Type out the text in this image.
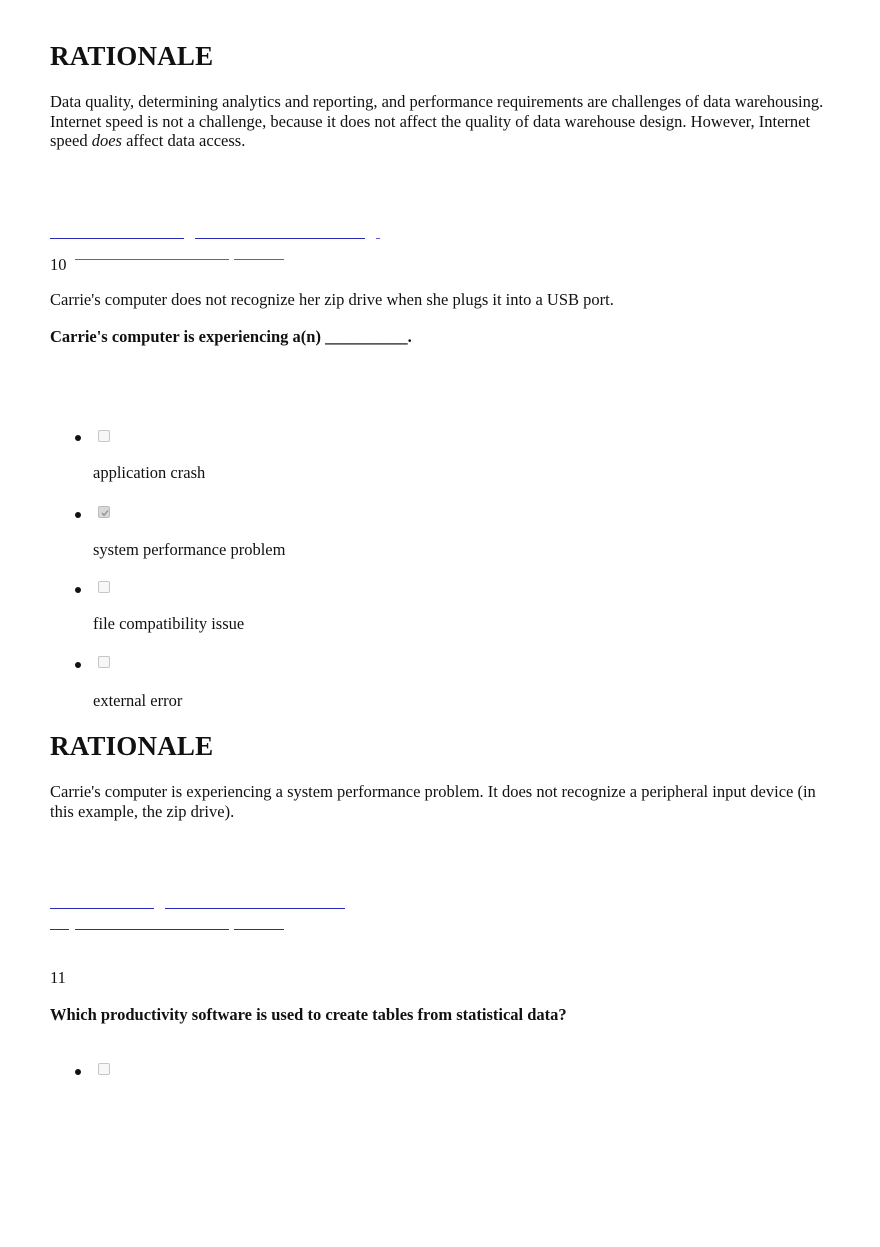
RATIONALE

Data quality, determining analytics and reporting, and performance requirements are challenges of data warehousing. Internet speed is not a challenge, because it does not affect the quality of data warehouse design. However, Internet speed does affect data access.

10

Carrie's computer does not recognize her zip drive when she plugs it into a USB port.

Carrie's computer is experiencing a(n) __________.

application crash
system performance problem
file compatibility issue
external error
RATIONALE

Carrie's computer is experiencing a system performance problem. It does not recognize a peripheral input device (in this example, the zip drive).

11

Which productivity software is used to create tables from statistical data?
